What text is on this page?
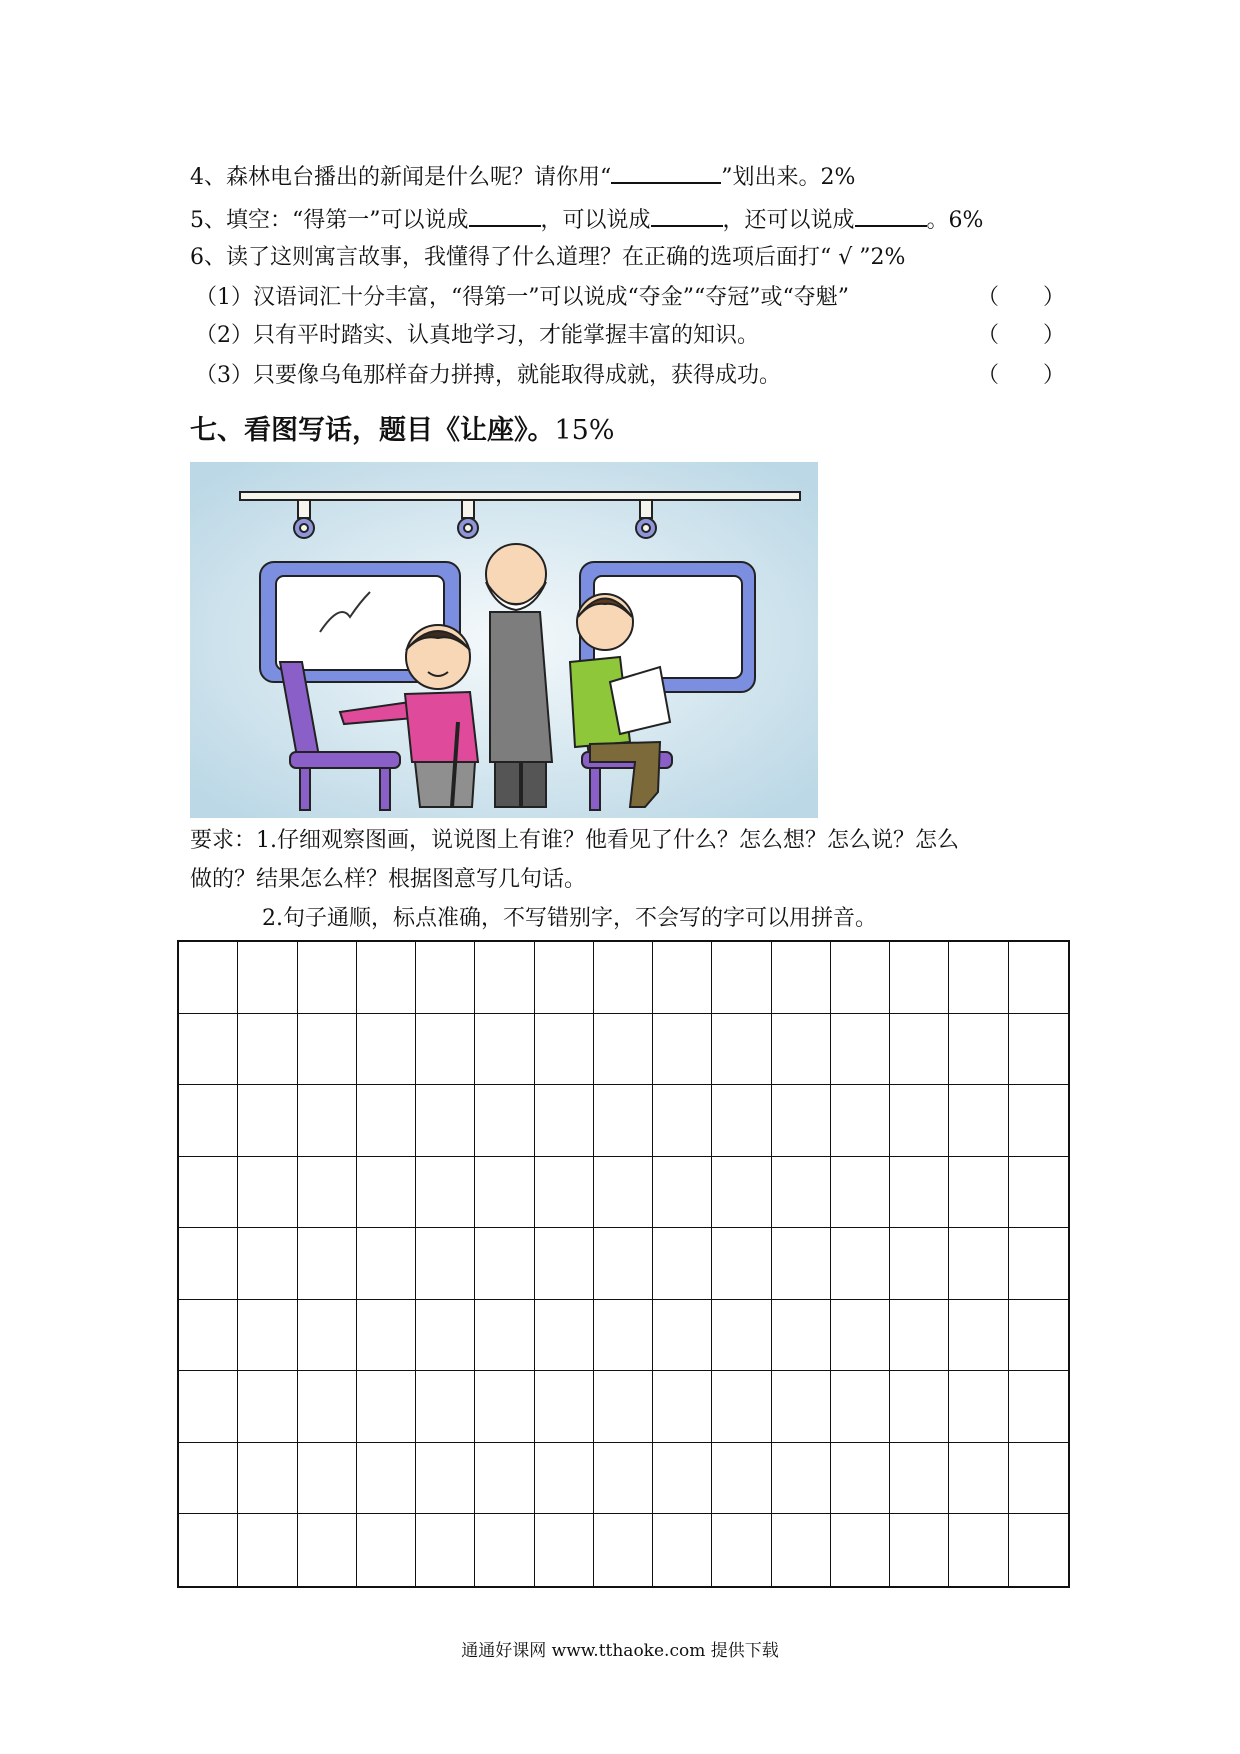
4、森林电台播出的新闻是什么呢？请你用“	”划出来。2%
5、填空：“得第一”可以说成	，可以说成	，还可以说成	。6%
6、读了这则寓言故事，我懂得了什么道理？在正确的选项后面打“ √ ”2%
（1）汉语词汇十分丰富，“得第一”可以说成“夺金”“夺冠”或“夺魁”	（　　）
（2）只有平时踏实、认真地学习，才能掌握丰富的知识。	（　　）
（3）只要像乌龟那样奋力拼搏，就能取得成就，获得成功。	（　　）
七、看图写话，题目《让座》。15%
要求：1.仔细观察图画，说说图上有谁？他看见了什么？怎么想？怎么说？怎么
做的？结果怎么样？根据图意写几句话。
2.句子通顺，标点准确，不写错别字，不会写的字可以用拼音。
通通好课网 www.tthaoke.com 提供下载
